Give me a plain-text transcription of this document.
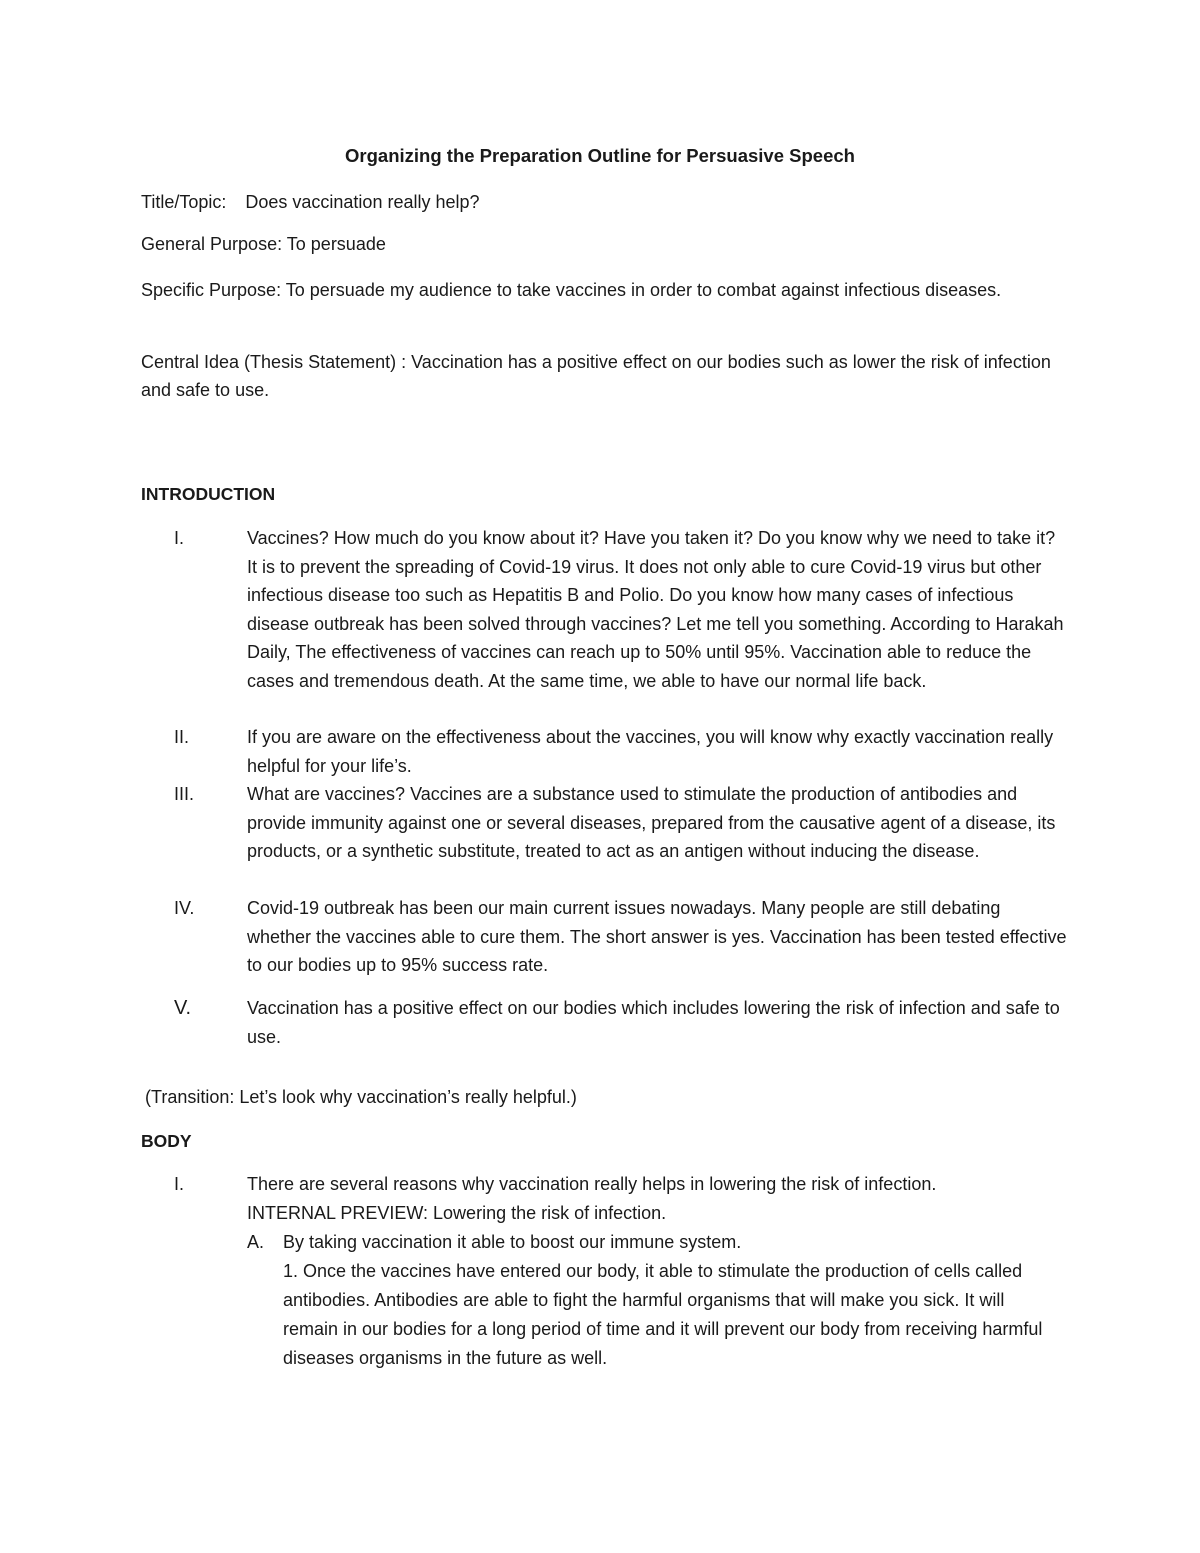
Organizing the Preparation Outline for Persuasive Speech
Title/Topic: Does vaccination really help?
General Purpose: To persuade
Specific Purpose: To persuade my audience to take vaccines in order to combat against infectious diseases.
Central Idea (Thesis Statement) : Vaccination has a positive effect on our bodies such as lower the risk of infection and safe to use.
INTRODUCTION
I.	Vaccines? How much do you know about it? Have you taken it? Do you know why we need to take it? It is to prevent the spreading of Covid-19 virus. It does not only able to cure Covid-19 virus but other infectious disease too such as Hepatitis B and Polio. Do you know how many cases of infectious disease outbreak has been solved through vaccines? Let me tell you something. According to Harakah Daily, The effectiveness of vaccines can reach up to 50% until 95%. Vaccination able to reduce the cases and tremendous death. At the same time, we able to have our normal life back.
II.	If you are aware on the effectiveness about the vaccines, you will know why exactly vaccination really helpful for your life’s.
III.	What are vaccines? Vaccines are a substance used to stimulate the production of antibodies and provide immunity against one or several diseases, prepared from the causative agent of a disease, its products, or a synthetic substitute, treated to act as an antigen without inducing the disease.
IV.	Covid-19 outbreak has been our main current issues nowadays. Many people are still debating whether the vaccines able to cure them. The short answer is yes. Vaccination has been tested effective to our bodies up to 95% success rate.
V.	Vaccination has a positive effect on our bodies which includes lowering the risk of infection and safe to use.
(Transition: Let’s look why vaccination’s really helpful.)
BODY
I.	There are several reasons why vaccination really helps in lowering the risk of infection.
INTERNAL PREVIEW: Lowering the risk of infection.
A. By taking vaccination it able to boost our immune system.
1. Once the vaccines have entered our body, it able to stimulate the production of cells called antibodies. Antibodies are able to fight the harmful organisms that will make you sick. It will remain in our bodies for a long period of time and it will prevent our body from receiving harmful diseases organisms in the future as well.
